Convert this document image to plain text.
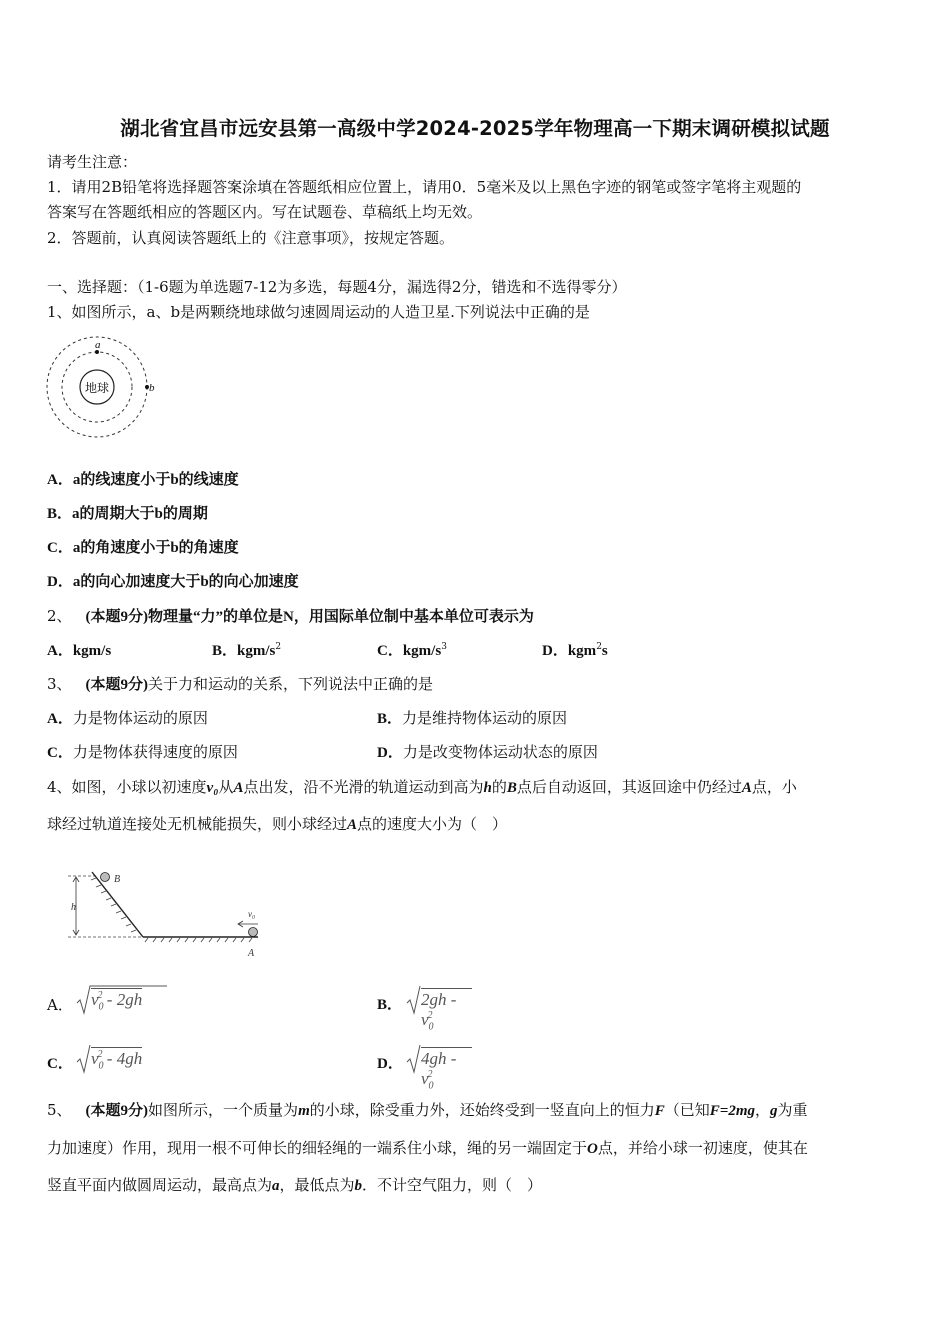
湖北省宜昌市远安县第一高级中学2024-2025学年物理高一下期末调研模拟试题
请考生注意：
1．请用2B铅笔将选择题答案涂填在答题纸相应位置上，请用0．5毫米及以上黑色字迹的钢笔或签字笔将主观题的
答案写在答题纸相应的答题区内。写在试题卷、草稿纸上均无效。
2．答题前，认真阅读答题纸上的《注意事项》，按规定答题。
一、选择题：（1-6题为单选题7-12为多选，每题4分，漏选得2分，错选和不选得零分）
1、如图所示，a、b是两颗绕地球做匀速圆周运动的人造卫星.下列说法中正确的是
地球
a
b
A．a的线速度小于b的线速度
B．a的周期大于b的周期
C．a的角速度小于b的角速度
D．a的向心加速度大于b的向心加速度
2、 (本题9分)物理量“力”的单位是N，用国际单位制中基本单位可表示为
A．kgm/s	B．kgm/$s^2$	C．kgm/$s^3$	D．kgm$^2$s
3、 (本题9分)关于力和运动的关系，下列说法中正确的是
A．力是物体运动的原因	B．力是维持物体运动的原因
C．力是物体获得速度的原因	D．力是改变物体运动状态的原因
4、如图，小球以初速度v₀从A点出发，沿不光滑的轨道运动到高为h的B点后自动返回，其返回途中仍经过A点，小
球经过轨道连接处无机械能损失，则小球经过A点的速度大小为（　）
h
B
v₀
A
A． $v_0^2 - 2gh$	B． $2gh - v_0^2$
C． $v_0^2 - 4gh$	D． $4gh - v_0^2$
5、 (本题9分)如图所示，一个质量为m的小球，除受重力外，还始终受到一竖直向上的恒力F（已知F=2mg，g为重
力加速度）作用，现用一根不可伸长的细轻绳的一端系住小球，绳的另一端固定于O点，并给小球一初速度，使其在
竖直平面内做圆周运动，最高点为a，最低点为b．不计空气阻力，则（　）
